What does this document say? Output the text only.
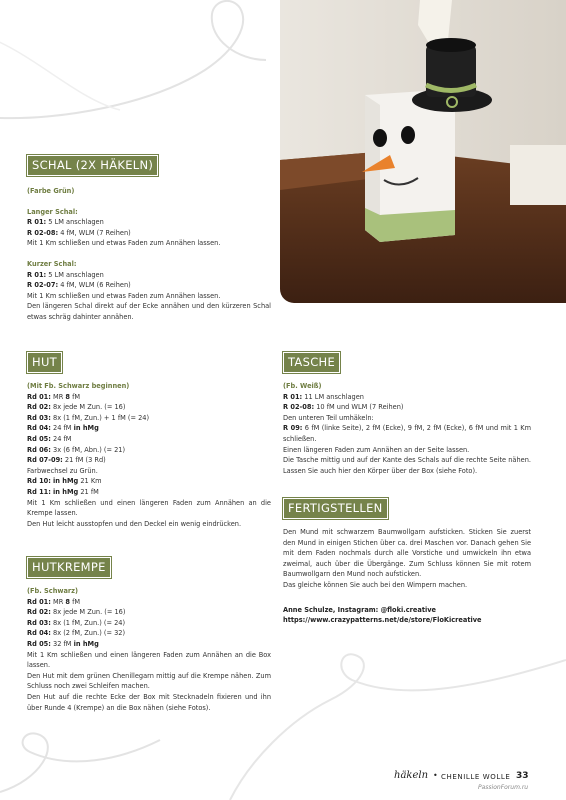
SCHAL (2X HÄKELN)
(Farbe Grün)
Langer Schal:
R 01: 5 LM anschlagen
R 02-08: 4 fM, WLM (7 Reihen)
Mit 1 Km schließen und etwas Faden zum Annähen lassen.
Kurzer Schal:
R 01: 5 LM anschlagen
R 02-07: 4 fM, WLM (6 Reihen)
Mit 1 Km schließen und etwas Faden zum Annähen lassen.
Den längeren Schal direkt auf der Ecke annähen und den kürzeren Schal etwas schräg dahinter annähen.
HUT
(Mit Fb. Schwarz beginnen)
Rd 01: MR 8 fM
Rd 02: 8x jede M Zun. (= 16)
Rd 03: 8x (1 fM, Zun.) + 1 fM (= 24)
Rd 04: 24 fM in hMg
Rd 05: 24 fM
Rd 06: 3x (6 fM, Abn.) (= 21)
Rd 07-09: 21 fM (3 Rd)
Farbwechsel zu Grün.
Rd 10: in hMg 21 Km
Rd 11: in hMg 21 fM
Mit 1 Km schließen und einen längeren Faden zum Annähen an die Krempe lassen.
Den Hut leicht ausstopfen und den Deckel ein wenig eindrücken.
HUTKREMPE
(Fb. Schwarz)
Rd 01: MR 8 fM
Rd 02: 8x jede M Zun. (= 16)
Rd 03: 8x (1 fM, Zun.) (= 24)
Rd 04: 8x (2 fM, Zun.) (= 32)
Rd 05: 32 fM in hMg
Mit 1 Km schließen und einen längeren Faden zum Annähen an die Box lassen.
Den Hut mit dem grünen Chenillegarn mittig auf die Krempe nähen. Zum Schluss noch zwei Schleifen machen.
Den Hut auf die rechte Ecke der Box mit Stecknadeln fixieren und ihn über Runde 4 (Krempe) an die Box nähen (siehe Fotos).
TASCHE
(Fb. Weiß)
R 01: 11 LM anschlagen
R 02-08: 10 fM und WLM (7 Reihen)
Den unteren Teil umhäkeln:
R 09: 6 fM (linke Seite), 2 fM (Ecke), 9 fM, 2 fM (Ecke), 6 fM und mit 1 Km schließen.
Einen längeren Faden zum Annähen an der Seite lassen.
Die Tasche mittig und auf der Kante des Schals auf die rechte Seite nähen. Lassen Sie auch hier den Körper über der Box (siehe Foto).
FERTIGSTELLEN
Den Mund mit schwarzem Baumwollgarn aufsticken. Sticken Sie zuerst den Mund in einigen Stichen über ca. drei Maschen vor. Danach gehen Sie mit dem Faden nochmals durch alle Vorstiche und umwickeln ihn etwa zweimal, auch über die Übergänge. Zum Schluss können Sie mit rotem Baumwollgarn den Mund noch aufsticken.
Das gleiche können Sie auch bei den Wimpern machen.
Anne Schulze, Instagram: @floki.creative
https://www.crazypatterns.net/de/store/FloKicreative
häkeln • CHENILLE WOLLE 33
PassionForum.ru
